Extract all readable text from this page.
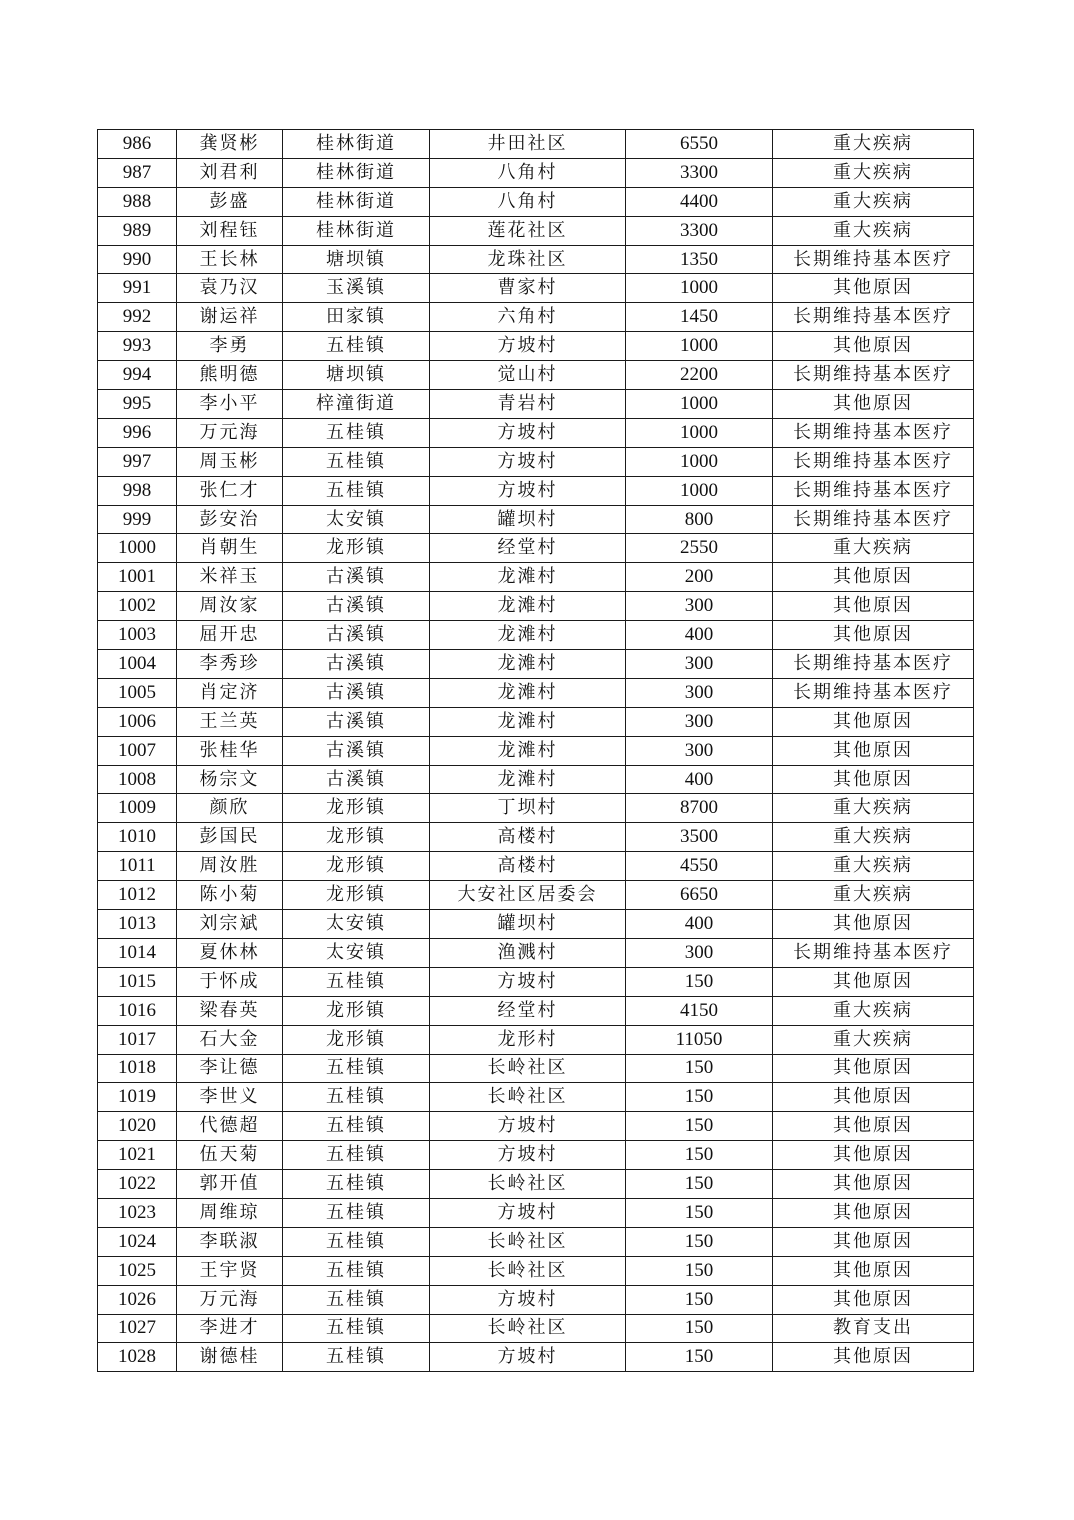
986	龚贤彬	桂林街道	井田社区	6550	重大疾病
987	刘君利	桂林街道	八角村	3300	重大疾病
988	彭盛	桂林街道	八角村	4400	重大疾病
989	刘程钰	桂林街道	莲花社区	3300	重大疾病
990	王长林	塘坝镇	龙珠社区	1350	长期维持基本医疗
991	袁乃汉	玉溪镇	曹家村	1000	其他原因
992	谢运祥	田家镇	六角村	1450	长期维持基本医疗
993	李勇	五桂镇	方坡村	1000	其他原因
994	熊明德	塘坝镇	觉山村	2200	长期维持基本医疗
995	李小平	梓潼街道	青岩村	1000	其他原因
996	万元海	五桂镇	方坡村	1000	长期维持基本医疗
997	周玉彬	五桂镇	方坡村	1000	长期维持基本医疗
998	张仁才	五桂镇	方坡村	1000	长期维持基本医疗
999	彭安治	太安镇	罐坝村	800	长期维持基本医疗
1000	肖朝生	龙形镇	经堂村	2550	重大疾病
1001	米祥玉	古溪镇	龙滩村	200	其他原因
1002	周汝家	古溪镇	龙滩村	300	其他原因
1003	屈开忠	古溪镇	龙滩村	400	其他原因
1004	李秀珍	古溪镇	龙滩村	300	长期维持基本医疗
1005	肖定济	古溪镇	龙滩村	300	长期维持基本医疗
1006	王兰英	古溪镇	龙滩村	300	其他原因
1007	张桂华	古溪镇	龙滩村	300	其他原因
1008	杨宗文	古溪镇	龙滩村	400	其他原因
1009	颜欣	龙形镇	丁坝村	8700	重大疾病
1010	彭国民	龙形镇	高楼村	3500	重大疾病
1011	周汝胜	龙形镇	高楼村	4550	重大疾病
1012	陈小菊	龙形镇	大安社区居委会	6650	重大疾病
1013	刘宗斌	太安镇	罐坝村	400	其他原因
1014	夏休林	太安镇	渔溅村	300	长期维持基本医疗
1015	于怀成	五桂镇	方坡村	150	其他原因
1016	梁春英	龙形镇	经堂村	4150	重大疾病
1017	石大金	龙形镇	龙形村	11050	重大疾病
1018	李让德	五桂镇	长岭社区	150	其他原因
1019	李世义	五桂镇	长岭社区	150	其他原因
1020	代德超	五桂镇	方坡村	150	其他原因
1021	伍天菊	五桂镇	方坡村	150	其他原因
1022	郭开值	五桂镇	长岭社区	150	其他原因
1023	周维琼	五桂镇	方坡村	150	其他原因
1024	李联淑	五桂镇	长岭社区	150	其他原因
1025	王宇贤	五桂镇	长岭社区	150	其他原因
1026	万元海	五桂镇	方坡村	150	其他原因
1027	李进才	五桂镇	长岭社区	150	教育支出
1028	谢德桂	五桂镇	方坡村	150	其他原因
